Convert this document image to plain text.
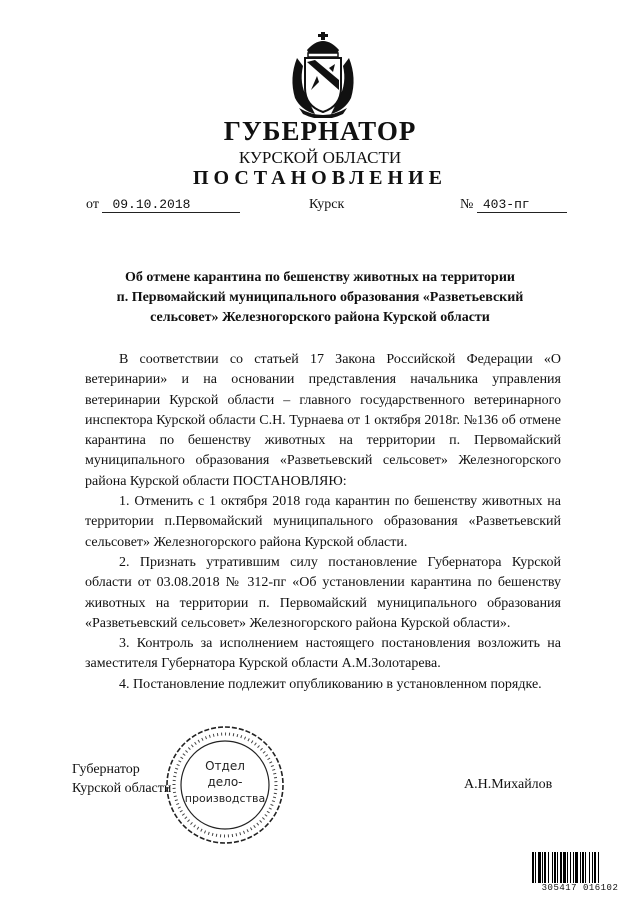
ГУБЕРНАТОР
КУРСКОЙ ОБЛАСТИ
ПОСТАНОВЛЕНИЕ
от 09.10.2018	Курск	№ 403-пг
Об отмене карантина по бешенству животных на территории
п. Первомайский муниципального образования «Разветьевский
сельсовет» Железногорского района Курской области

В соответствии со статьей 17 Закона Российской Федерации «О ветеринарии» и на основании представления начальника управления ветеринарии Курской области – главного государственного ветеринарного инспектора Курской области С.Н. Турнаева от 1 октября 2018г. №136 об отмене карантина по бешенству животных на территории п. Первомайский муниципального образования «Разветьевский сельсовет» Железногорского района Курской области ПОСТАНОВЛЯЮ:

1. Отменить с 1 октября 2018 года карантин по бешенству животных на территории п.Первомайский муниципального образования «Разветьевский сельсовет» Железногорского района Курской области.

2. Признать утратившим силу постановление Губернатора Курской области от 03.08.2018 № 312-пг «Об установлении карантина по бешенству животных на территории п. Первомайский муниципального образования «Разветьевский сельсовет» Железногорского района Курской области».

3. Контроль за исполнением настоящего постановления возложить на заместителя Губернатора Курской области А.М.Золотарева.

4. Постановление подлежит опубликованию в установленном порядке.

Губернатор
Курской области	А.Н.Михайлов
Отдел
дело-
производства
305417 016102
